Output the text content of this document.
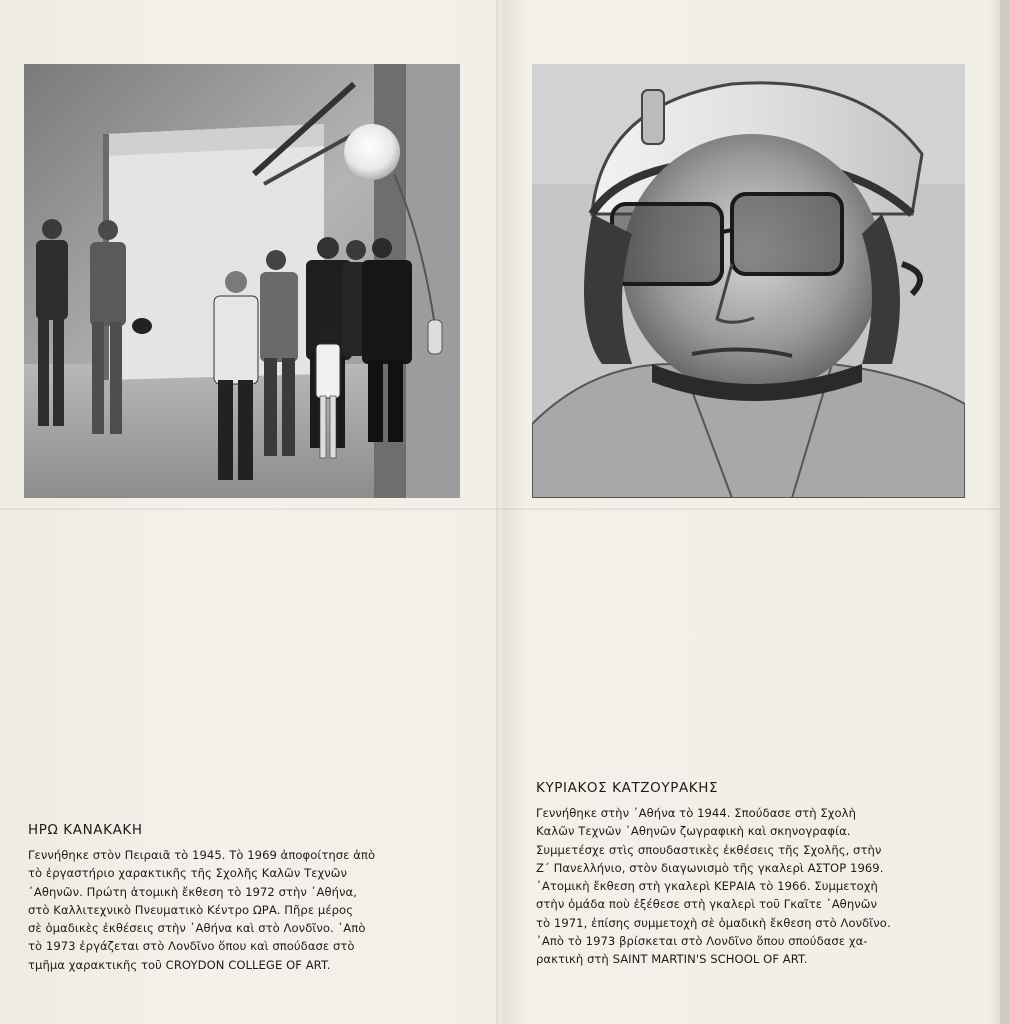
ΗΡΩ ΚΑΝΑΚΑΚΗ
Γεννήθηκε στὸν Πειραιᾶ τὸ 1945. Τὸ 1969 ἀποφοίτησε ἀπὸ
τὸ ἐργαστήριο χαρακτικῆς τῆς Σχολῆς Καλῶν Τεχνῶν
᾿Αθηνῶν. Πρώτη ἀτομικὴ ἔκθεση τὸ 1972 στὴν ᾿Αθήνα,
στὸ Καλλιτεχνικὸ Πνευματικὸ Κέντρο ΩΡΑ. Πῆρε μέρος
σὲ ὁμαδικὲς ἐκθέσεις στὴν ᾿Αθήνα καὶ στὸ Λονδῖνο. ᾿Απὸ
τὸ 1973 ἐργάζεται στὸ Λονδῖνο ὅπου καὶ σπούδασε στὸ
τμῆμα χαρακτικῆς τοῦ CROYDON COLLEGE OF ART.
ΚΥΡΙΑΚΟΣ ΚΑΤΖΟΥΡΑΚΗΣ
Γεννήθηκε στὴν ᾿Αθήνα τὸ 1944. Σπούδασε στὴ Σχολὴ
Καλῶν Τεχνῶν ᾿Αθηνῶν ζωγραφικὴ καὶ σκηνογραφία.
Συμμετέσχε στὶς σπουδαστικὲς ἐκθέσεις τῆς Σχολῆς, στὴν
Ζ΄ Πανελλήνιο, στὸν διαγωνισμὸ τῆς γκαλερὶ ΑΣΤΟΡ 1969.
᾿Ατομικὴ ἔκθεση στὴ γκαλερὶ ΚΕΡΑΙΑ τὸ 1966. Συμμετοχὴ
στὴν ὁμάδα ποὺ ἐξέθεσε στὴ γκαλερὶ τοῦ Γκαῖτε ᾿Αθηνῶν
τὸ 1971, ἐπίσης συμμετοχὴ σὲ ὁμαδικὴ ἔκθεση στὸ Λονδῖνο.
᾿Απὸ τὸ 1973 βρίσκεται στὸ Λονδῖνο ὅπου σπούδασε χα-
ρακτικὴ στὴ SAINT MARTIN'S SCHOOL OF ART.
